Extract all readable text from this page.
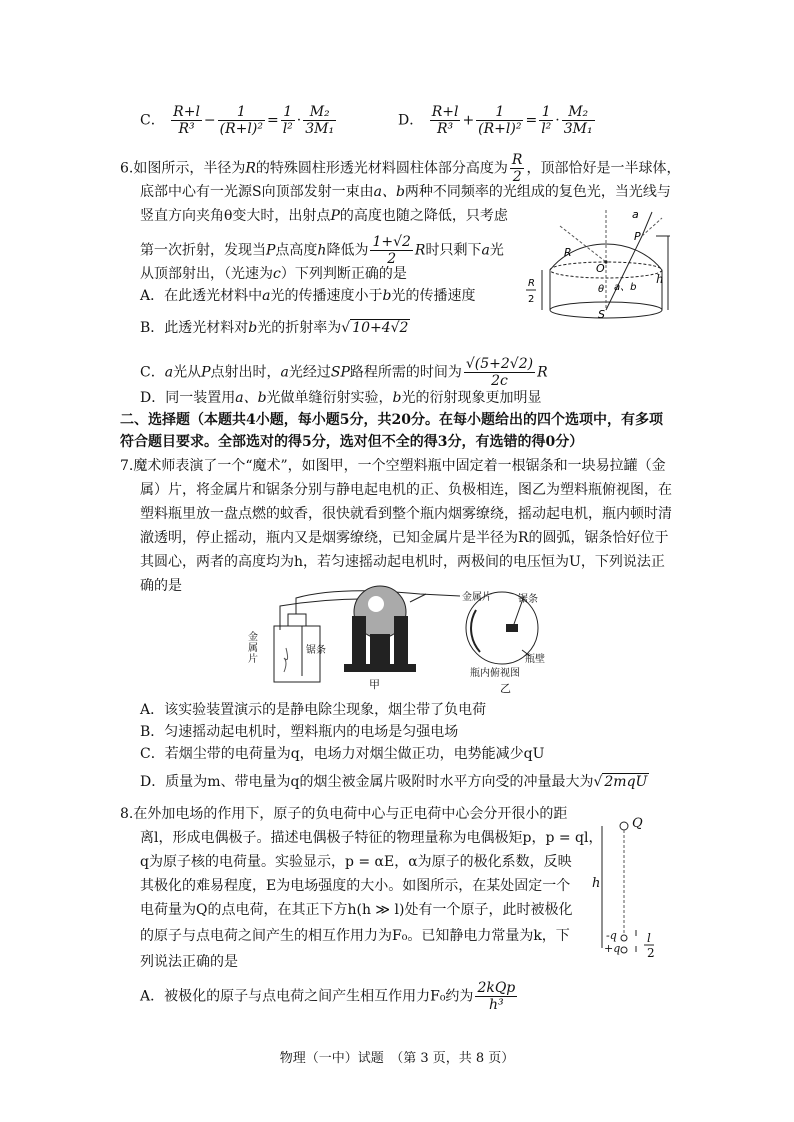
C． $\frac{R+l}{\text{R³}} - \frac{1}{\text{(R+l)²}} = \frac{1}{\text{l²}} \cdot \frac{\text{M₂}}{\text{3M₁}}$	D． $\frac{R+l}{\text{R³}} + \frac{1}{\text{(R+l)²}} = \frac{1}{\text{l²}} \cdot \frac{\text{M₂}}{\text{3M₁}}$
6.如图所示，半径为R的特殊圆柱形透光材料圆柱体部分高度为 $\frac{R}{2}$ ，顶部恰好是一半球体，
底部中心有一光源S向顶部发射一束由a、b两种不同频率的光组成的复色光，当光线与
竖直方向夹角θ变大时，出射点P的高度也随之降低，只考虑
第一次折射，发现当P点高度h降低为 $\frac{1+√2}{2}$ R时只剩下a光
从顶部射出，（光速为c）下列判断正确的是
A．在此透光材料中a光的传播速度小于b光的传播速度
B．此透光材料对b光的折射率为√ 10+4√2
C．a光从P点射出时，a光经过SP路程所需的时间为 $\frac{√(5+2√2)}{2c}$ R
D．同一装置用a、b光做单缝衍射实验，b光的衍射现象更加明显
a
P
R
O
θ a、b
S
R
2
h
二、选择题（本题共4小题，每小题5分，共20分。在每小题给出的四个选项中，有多项
符合题目要求。全部选对的得5分，选对但不全的得3分，有选错的得0分）
7.魔术师表演了一个“魔术”，如图甲，一个空塑料瓶中固定着一根锯条和一块易拉罐（金
属）片，将金属片和锯条分别与静电起电机的正、负极相连，图乙为塑料瓶俯视图，在
塑料瓶里放一盘点燃的蚊香，很快就看到整个瓶内烟雾缭绕，摇动起电机，瓶内顿时清
澈透明，停止摇动，瓶内又是烟雾缭绕，已知金属片是半径为R的圆弧，锯条恰好位于
其圆心，两者的高度均为h，若匀速摇动起电机时，两极间的电压恒为U，下列说法正
确的是
金属片
锯条
金属片	锯条
瓶壁
瓶内俯视图
甲	乙
A．该实验装置演示的是静电除尘现象，烟尘带了负电荷
B．匀速摇动起电机时，塑料瓶内的电场是匀强电场
C．若烟尘带的电荷量为q，电场力对烟尘做正功，电势能减少qU
D．质量为m、带电量为q的烟尘被金属片吸附时水平方向受的冲量最大为√ 2mqU
8.在外加电场的作用下，原子的负电荷中心与正电荷中心会分开很小的距
离l，形成电偶极子。描述电偶极子特征的物理量称为电偶极矩p，p = ql，
q为原子核的电荷量。实验显示，p = αE，α为原子的极化系数，反映
其极化的难易程度，E为电场强度的大小。如图所示，在某处固定一个
电荷量为Q的点电荷，在其正下方h(h ≫ l)处有一个原子，此时被极化
的原子与点电荷之间产生的相互作用力为F₀。已知静电力常量为k，下
列说法正确的是
A．被极化的原子与点电荷之间产生相互作用力F₀约为 $\frac{\text{2kQp}}{\text{h³}}$
Q
h
-q
+q
l
2
物理（一中）试题　（第 3 页，共 8 页）
